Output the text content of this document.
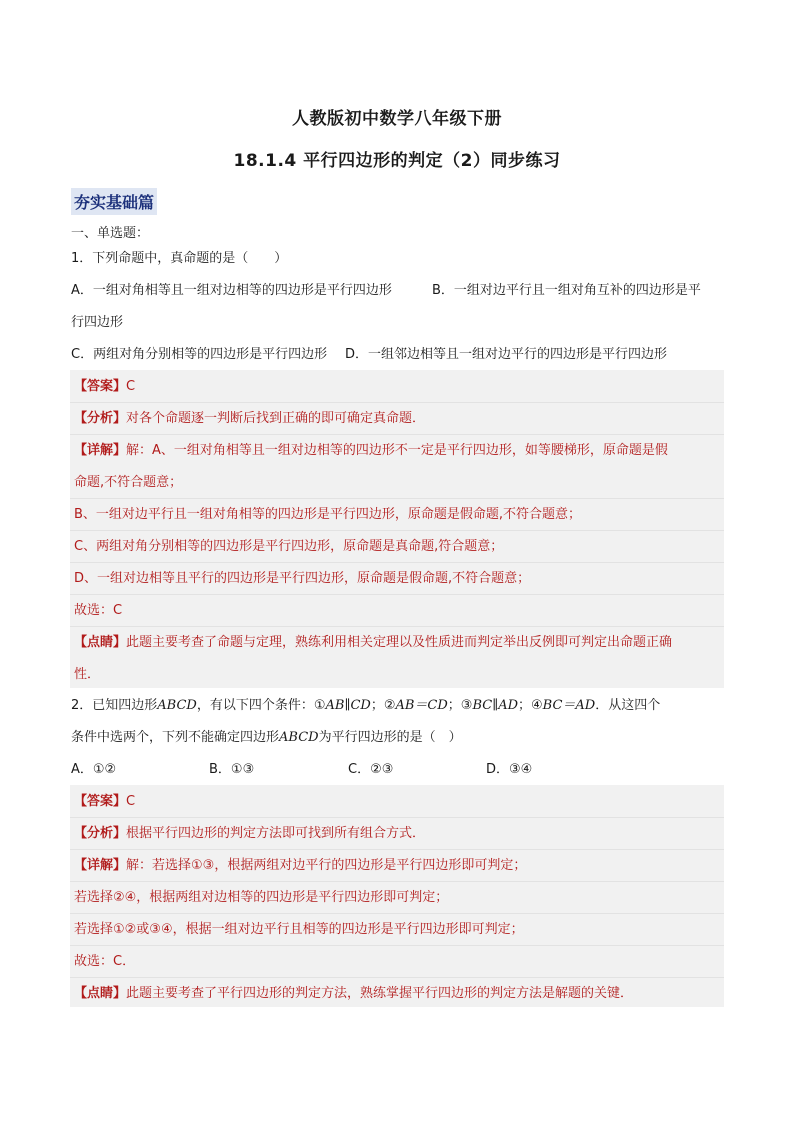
人教版初中数学八年级下册
18.1.4 平行四边形的判定（2）同步练习
夯实基础篇
一、单选题：
1．下列命题中，真命题的是（　　）
A．一组对角相等且一组对边相等的四边形是平行四边形	B．一组对边平行且一组对角互补的四边形是平
行四边形
C．两组对角分别相等的四边形是平行四边形 D．一组邻边相等且一组对边平行的四边形是平行四边形
【答案】C
【分析】对各个命题逐一判断后找到正确的即可确定真命题．
【详解】解：A、一组对角相等且一组对边相等的四边形不一定是平行四边形，如等腰梯形，原命题是假
命题,不符合题意；
B、一组对边平行且一组对角相等的四边形是平行四边形，原命题是假命题,不符合题意；
C、两组对角分别相等的四边形是平行四边形，原命题是真命题,符合题意；
D、一组对边相等且平行的四边形是平行四边形，原命题是假命题,不符合题意；
故选：C
【点睛】此题主要考查了命题与定理，熟练利用相关定理以及性质进而判定举出反例即可判定出命题正确
性．
2．已知四边形ABCD，有以下四个条件：①AB∥CD；②AB＝CD；③BC∥AD；④BC＝AD．从这四个
条件中选两个，下列不能确定四边形ABCD为平行四边形的是（　）
A．①②	B．①③	C．②③	D．③④
【答案】C
【分析】根据平行四边形的判定方法即可找到所有组合方式．
【详解】解：若选择①③，根据两组对边平行的四边形是平行四边形即可判定；
若选择②④，根据两组对边相等的四边形是平行四边形即可判定；
若选择①②或③④，根据一组对边平行且相等的四边形是平行四边形即可判定；
故选：C．
【点睛】此题主要考查了平行四边形的判定方法，熟练掌握平行四边形的判定方法是解题的关键．
